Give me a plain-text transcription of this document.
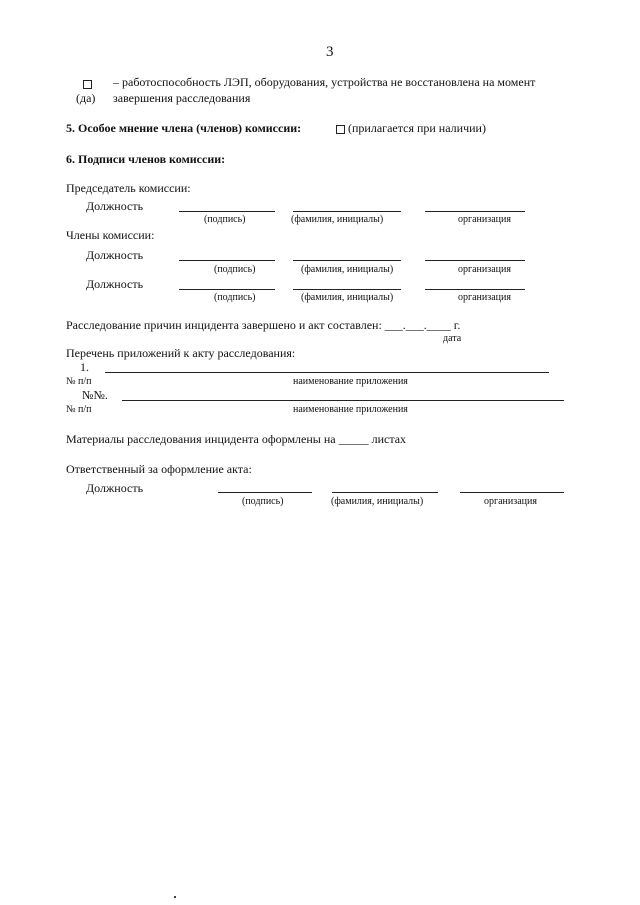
3
– работоспособность ЛЭП, оборудования, устройства не восстановлена на момент
(да) завершения расследования
5. Особое мнение члена (членов) комиссии:	(прилагается при наличии)
6. Подписи членов комиссии:
Председатель комиссии:
Должность
(подпись)	(фамилия, инициалы)	организация
Члены комиссии:
Должность
(подпись)	(фамилия, инициалы)	организация
Должность
(подпись)	(фамилия, инициалы)	организация
Расследование причин инцидента завершено и акт составлен: ___.___.____ г.
дата
Перечень приложений к акту расследования:
1.
№ п/п	наименование приложения
№№.
№ п/п	наименование приложения
Материалы расследования инцидента оформлены на _____ листах
Ответственный за оформление акта:
Должность
(подпись)	(фамилия, инициалы)	организация
